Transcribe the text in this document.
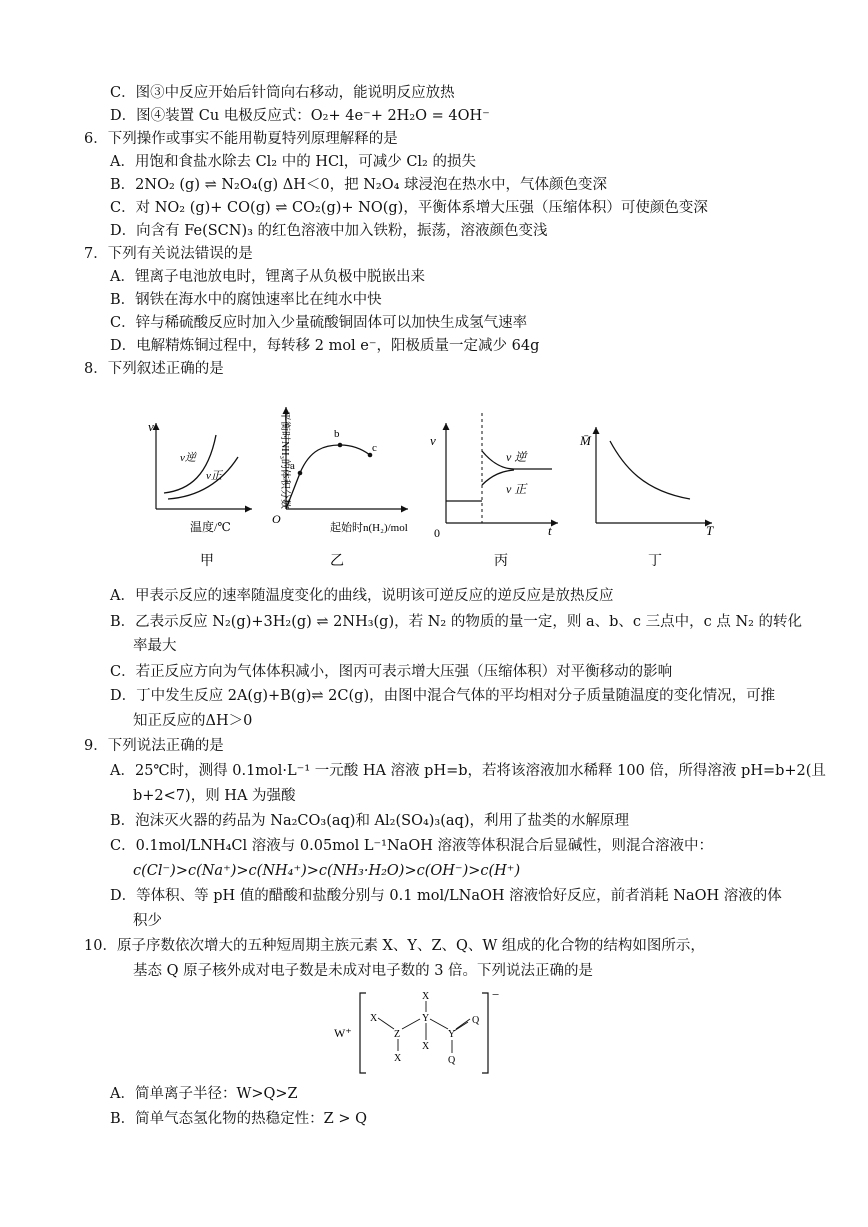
C．图③中反应开始后针筒向右移动，能说明反应放热
D．图④装置 Cu 电极反应式：O₂+ 4e⁻+ 2H₂O = 4OH⁻
6．下列操作或事实不能用勒夏特列原理解释的是
A．用饱和食盐水除去 Cl₂ 中的 HCl，可减少 Cl₂ 的损失
B．2NO₂ (g) ⇌ N₂O₄(g) ΔH＜0，把 N₂O₄ 球浸泡在热水中，气体颜色变深
C．对 NO₂ (g)+ CO(g) ⇌ CO₂(g)+ NO(g)，平衡体系增大压强（压缩体积）可使颜色变深
D．向含有 Fe(SCN)₃ 的红色溶液中加入铁粉，振荡，溶液颜色变浅
7．下列有关说法错误的是
A．锂离子电池放电时，锂离子从负极中脱嵌出来
B．钢铁在海水中的腐蚀速率比在纯水中快
C．锌与稀硫酸反应时加入少量硫酸铜固体可以加快生成氢气速率
D．电解精炼铜过程中，每转移 2 mol e⁻，阳极质量一定减少 64g
8．下列叙述正确的是
v
v逆
v正
温度/℃
甲
a
b
c
平衡时NH₃的体积分数
O
起始时n(H₂)/mol
乙
v
v 逆
v 正
0	t
丙
M̄
T
丁
A．甲表示反应的速率随温度变化的曲线，说明该可逆反应的逆反应是放热反应
B．乙表示反应 N₂(g)+3H₂(g) ⇌ 2NH₃(g)，若 N₂ 的物质的量一定，则 a、b、c 三点中，c 点 N₂ 的转化
率最大
C．若正反应方向为气体体积减小，图丙可表示增大压强（压缩体积）对平衡移动的影响
D．丁中发生反应 2A(g)+B(g)⇌ 2C(g)，由图中混合气体的平均相对分子质量随温度的变化情况，可推
知正反应的ΔH＞0
9．下列说法正确的是
A．25℃时，测得 0.1mol·L⁻¹ 一元酸 HA 溶液 pH=b，若将该溶液加水稀释 100 倍，所得溶液 pH=b+2(且
b+2<7)，则 HA 为强酸
B．泡沫灭火器的药品为 Na₂CO₃(aq)和 Al₂(SO₄)₃(aq)，利用了盐类的水解原理
C．0.1mol/LNH₄Cl 溶液与 0.05mol L⁻¹NaOH 溶液等体积混合后显碱性，则混合溶液中：
c(Cl⁻)>c(Na⁺)>c(NH₄⁺)>c(NH₃·H₂O)>c(OH⁻)>c(H⁺)
D．等体积、等 pH 值的醋酸和盐酸分别与 0.1 mol/LNaOH 溶液恰好反应，前者消耗 NaOH 溶液的体
积少
10．原子序数依次增大的五种短周期主族元素 X、Y、Z、Q、W 组成的化合物的结构如图所示，
基态 Q 原子核外成对电子数是未成对电子数的 3 倍。下列说法正确的是
W⁺
−
X
Z
X
Y
X
X
Y
Q
Q
A．简单离子半径：W>Q>Z
B．简单气态氢化物的热稳定性：Z > Q
